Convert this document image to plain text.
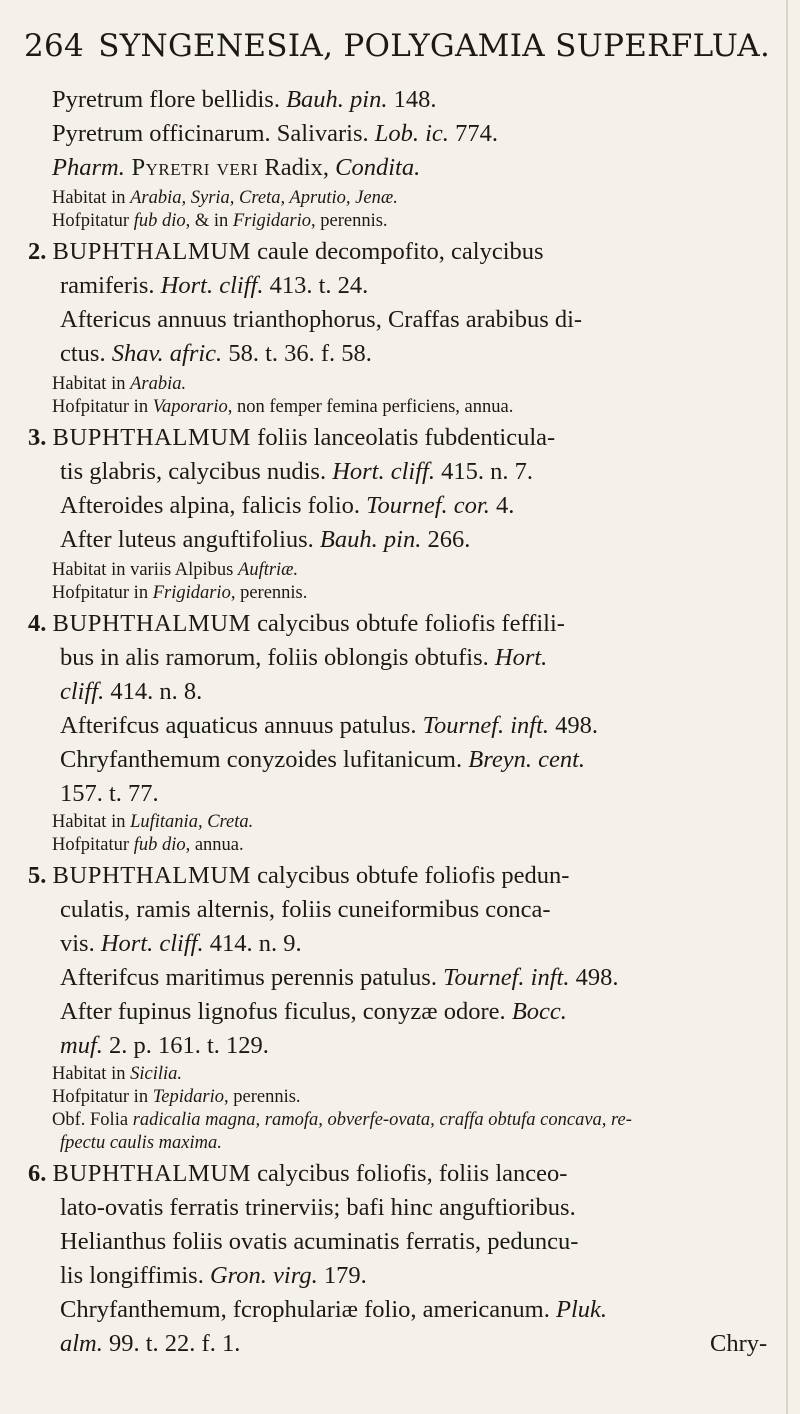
264 SYNGENESIA, POLYGAMIA SUPERFLUA.
Pyretrum flore bellidis. Bauh. pin. 148.
Pyretrum officinarum. Salivaris. Lob. ic. 774.
Pharm. Pyretri veri Radix, Condita.
Habitat in Arabia, Syria, Creta, Aprutio, Jenæ.
Hofpitatur fub dio, & in Frigidario, perennis.
2. BUPHTHALMUM caule decompofito, calycibus
ramiferis. Hort. cliff. 413. t. 24.
Aftericus annuus trianthophorus, Craffas arabibus di-
ctus. Shav. afric. 58. t. 36. f. 58.
Habitat in Arabia.
Hofpitatur in Vaporario, non femper femina perficiens, annua.
3. BUPHTHALMUM foliis lanceolatis fubdenticula-
tis glabris, calycibus nudis. Hort. cliff. 415. n. 7.
Afteroides alpina, falicis folio. Tournef. cor. 4.
After luteus anguftifolius. Bauh. pin. 266.
Habitat in variis Alpibus Auftriæ.
Hofpitatur in Frigidario, perennis.
4. BUPHTHALMUM calycibus obtufe foliofis feffili-
bus in alis ramorum, foliis oblongis obtufis. Hort.
cliff. 414. n. 8.
Afterifcus aquaticus annuus patulus. Tournef. inft. 498.
Chryfanthemum conyzoides lufitanicum. Breyn. cent.
157. t. 77.
Habitat in Lufitania, Creta.
Hofpitatur fub dio, annua.
5. BUPHTHALMUM calycibus obtufe foliofis pedun-
culatis, ramis alternis, foliis cuneiformibus conca-
vis. Hort. cliff. 414. n. 9.
Afterifcus maritimus perennis patulus. Tournef. inft. 498.
After fupinus lignofus ficulus, conyzæ odore. Bocc.
muf. 2. p. 161. t. 129.
Habitat in Sicilia.
Hofpitatur in Tepidario, perennis.
Obf. Folia radicalia magna, ramofa, obverfe-ovata, craffa obtufa concava, re-
fpectu caulis maxima.
6. BUPHTHALMUM calycibus foliofis, foliis lanceo-
lato-ovatis ferratis trinerviis; bafi hinc anguftioribus.
Helianthus foliis ovatis acuminatis ferratis, peduncu-
lis longiffimis. Gron. virg. 179.
Chryfanthemum, fcrophulariæ folio, americanum. Pluk.
alm. 99. t. 22. f. 1.	Chry-
